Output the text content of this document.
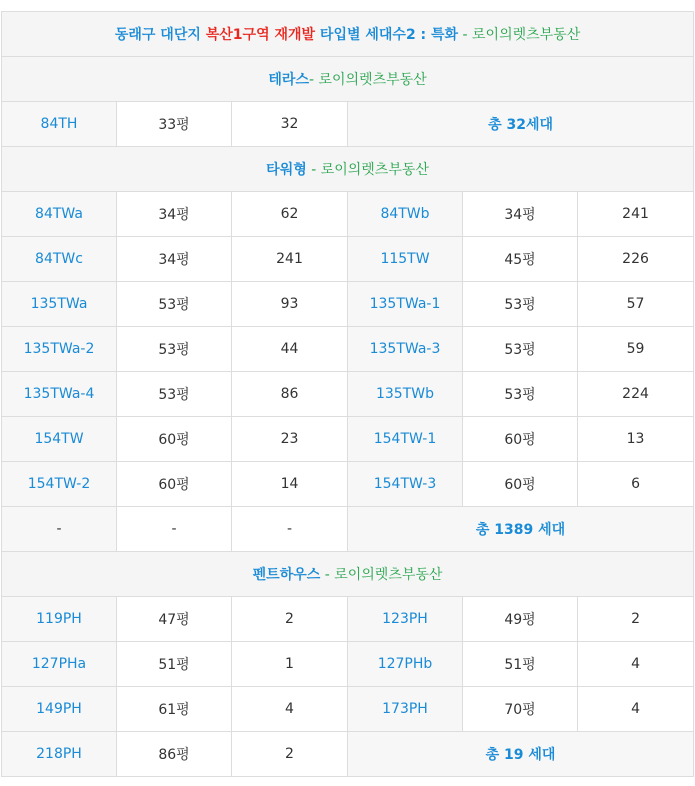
동래구 대단지 복산1구역 재개발 타입별 세대수2 : 특화 - 로이의렛츠부동산					
테라스- 로이의렛츠부동산					
84TH	33평	32	총 32세대		
타워형 - 로이의렛츠부동산					
84TWa	34평	62	84TWb	34평	241
84TWc	34평	241	115TW	45평	226
135TWa	53평	93	135TWa-1	53평	57
135TWa-2	53평	44	135TWa-3	53평	59
135TWa-4	53평	86	135TWb	53평	224
154TW	60평	23	154TW-1	60평	13
154TW-2	60평	14	154TW-3	60평	6
-	-	-	총 1389 세대		
펜트하우스 - 로이의렛츠부동산					
119PH	47평	2	123PH	49평	2
127PHa	51평	1	127PHb	51평	4
149PH	61평	4	173PH	70평	4
218PH	86평	2	총 19 세대		
